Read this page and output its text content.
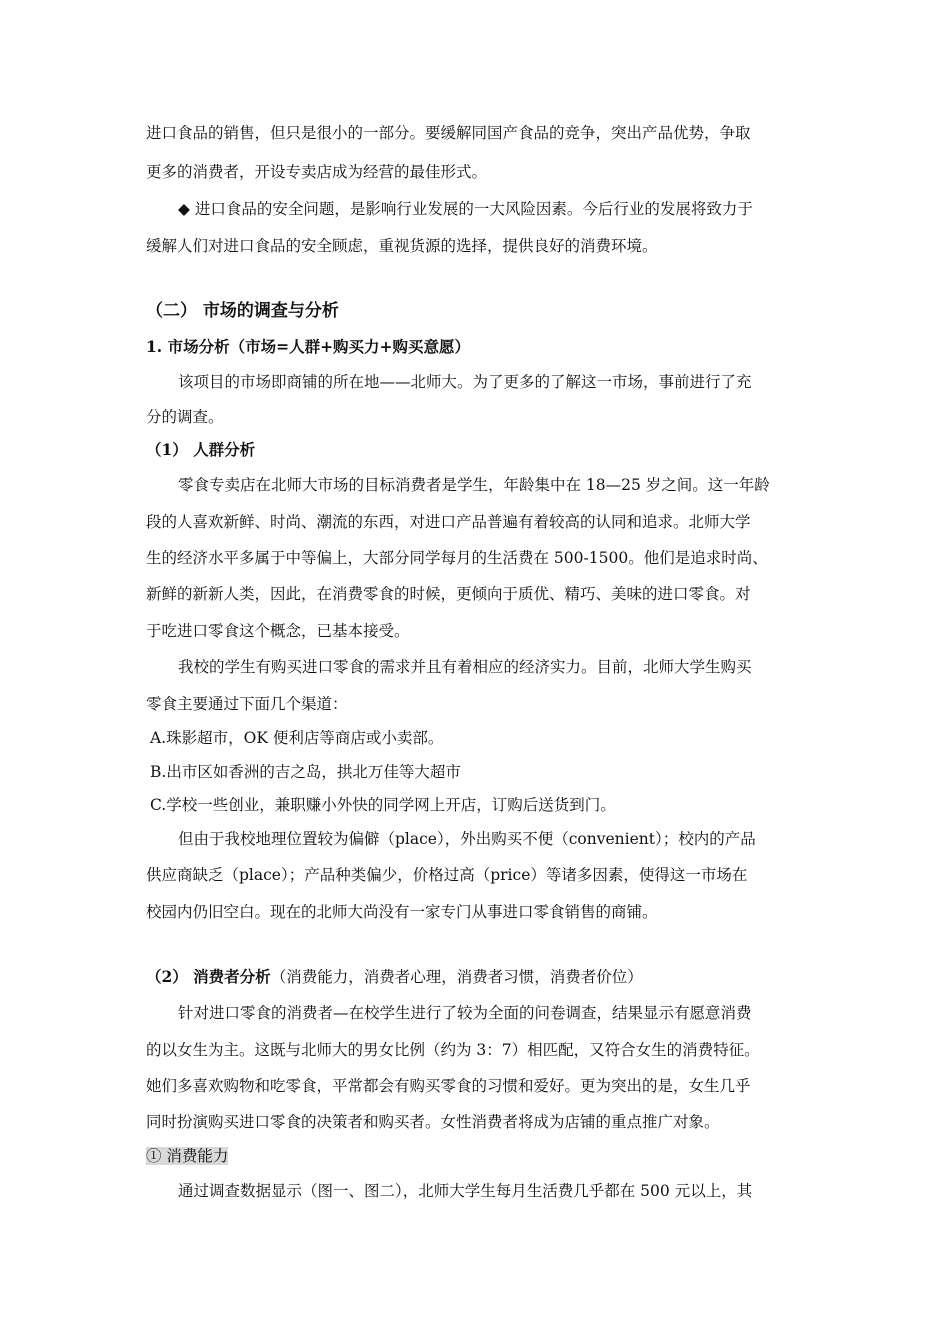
进口食品的销售，但只是很小的一部分。要缓解同国产食品的竞争，突出产品优势，争取
更多的消费者，开设专卖店成为经营的最佳形式。
◆ 进口食品的安全问题，是影响行业发展的一大风险因素。今后行业的发展将致力于
缓解人们对进口食品的安全顾虑，重视货源的选择，提供良好的消费环境。
（二） 市场的调查与分析
1. 市场分析（市场=人群+购买力+购买意愿）
该项目的市场即商铺的所在地——北师大。为了更多的了解这一市场，事前进行了充
分的调查。
（1） 人群分析
零食专卖店在北师大市场的目标消费者是学生，年龄集中在 18—25 岁之间。这一年龄
段的人喜欢新鲜、时尚、潮流的东西，对进口产品普遍有着较高的认同和追求。北师大学
生的经济水平多属于中等偏上，大部分同学每月的生活费在 500-1500。他们是追求时尚、
新鲜的新新人类，因此，在消费零食的时候，更倾向于质优、精巧、美味的进口零食。对
于吃进口零食这个概念，已基本接受。
我校的学生有购买进口零食的需求并且有着相应的经济实力。目前，北师大学生购买
零食主要通过下面几个渠道：
A.珠影超市，OK 便利店等商店或小卖部。
B.出市区如香洲的吉之岛，拱北万佳等大超市
C.学校一些创业，兼职赚小外快的同学网上开店，订购后送货到门。
但由于我校地理位置较为偏僻（place），外出购买不便（convenient）；校内的产品
供应商缺乏（place）；产品种类偏少，价格过高（price）等诸多因素，使得这一市场在
校园内仍旧空白。现在的北师大尚没有一家专门从事进口零食销售的商铺。
（2） 消费者分析（消费能力，消费者心理，消费者习惯，消费者价位）
针对进口零食的消费者—在校学生进行了较为全面的问卷调查，结果显示有愿意消费
的以女生为主。这既与北师大的男女比例（约为 3：7）相匹配，又符合女生的消费特征。
她们多喜欢购物和吃零食，平常都会有购买零食的习惯和爱好。更为突出的是，女生几乎
同时扮演购买进口零食的决策者和购买者。女性消费者将成为店铺的重点推广对象。
① 消费能力
通过调查数据显示（图一、图二），北师大学生每月生活费几乎都在 500 元以上，其
